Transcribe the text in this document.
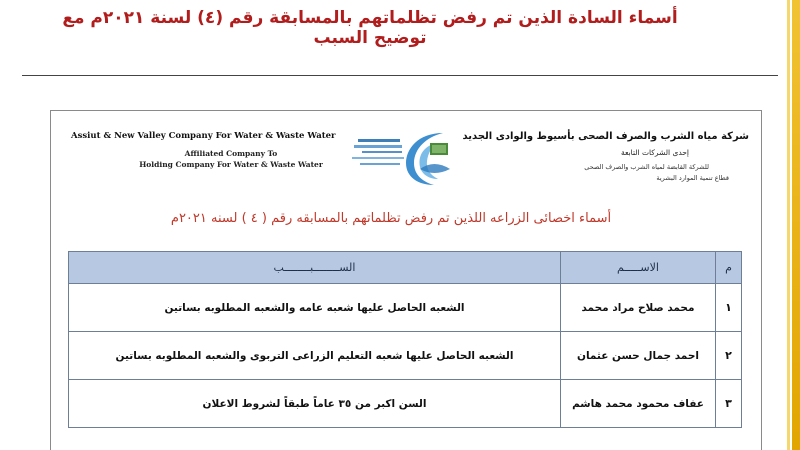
أسماء السادة الذين تم رفض تظلماتهم بالمسابقة رقم (٤) لسنة ٢٠٢١م مع توضيح السبب
Assiut & New Valley Company For Water & Waste Water
Affiliated Company To
Holding Company For Water & Waste Water
شركة مياه الشرب والصرف الصحى بأسيوط والوادى الجديد
إحدى الشركات التابعة
للشركة القابضة لمياه الشرب والصرف الصحى
قطاع تنمية الموارد البشرية
أسماء اخصائى الزراعه اللذين تم رفض تظلماتهم بالمسابقه رقم ( ٤ ) لسنه ٢٠٢١م
م	الاســـــم	الســــــــبــــــــب
١	محمد صلاح مراد محمد	الشعبه الحاصل عليها شعبه عامه والشعبه المطلوبه بساتين
٢	احمد جمال حسن عثمان	الشعبه الحاصل عليها شعبه التعليم الزراعى التربوى والشعبه المطلوبه بساتين
٣	عفاف محمود محمد هاشم	السن اكبر من ٣٥ عاماً طبقاً لشروط الاعلان
